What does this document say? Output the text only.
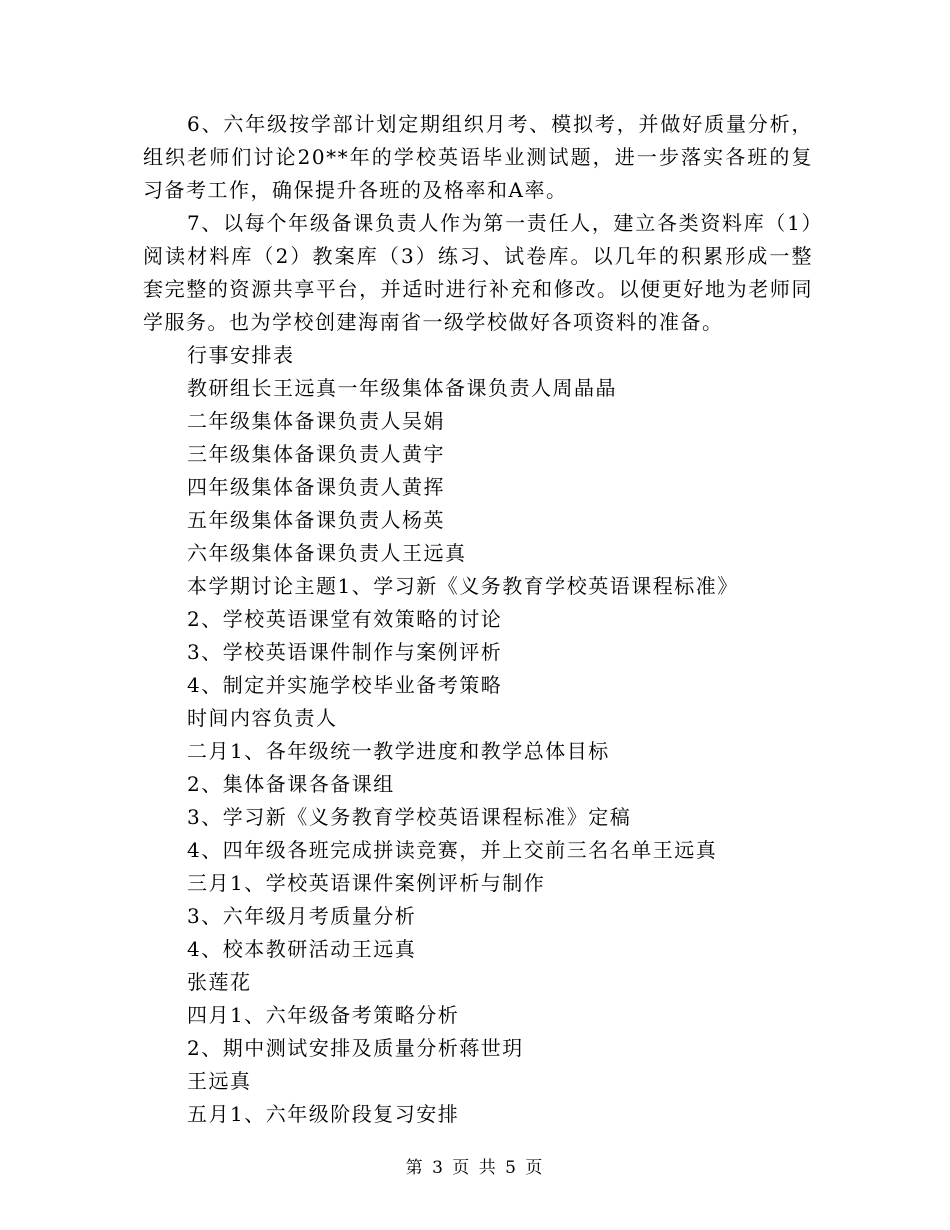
6、六年级按学部计划定期组织月考、模拟考，并做好质量分析，组织老师们讨论20**年的学校英语毕业测试题，进一步落实各班的复习备考工作，确保提升各班的及格率和A率。

7、以每个年级备课负责人作为第一责任人，建立各类资料库（1）阅读材料库（2）教案库（3）练习、试卷库。以几年的积累形成一整套完整的资源共享平台，并适时进行补充和修改。以便更好地为老师同学服务。也为学校创建海南省一级学校做好各项资料的准备。

行事安排表

教研组长王远真一年级集体备课负责人周晶晶

二年级集体备课负责人吴娟

三年级集体备课负责人黄宇

四年级集体备课负责人黄挥

五年级集体备课负责人杨英

六年级集体备课负责人王远真

本学期讨论主题1、学习新《义务教育学校英语课程标准》

2、学校英语课堂有效策略的讨论

3、学校英语课件制作与案例评析

4、制定并实施学校毕业备考策略

时间内容负责人

二月1、各年级统一教学进度和教学总体目标

2、集体备课各备课组

3、学习新《义务教育学校英语课程标准》定稿

4、四年级各班完成拼读竞赛，并上交前三名名单王远真

三月1、学校英语课件案例评析与制作

3、六年级月考质量分析

4、校本教研活动王远真

张莲花

四月1、六年级备考策略分析

2、期中测试安排及质量分析蒋世玥

王远真

五月1、六年级阶段复习安排

第 3 页 共 5 页
